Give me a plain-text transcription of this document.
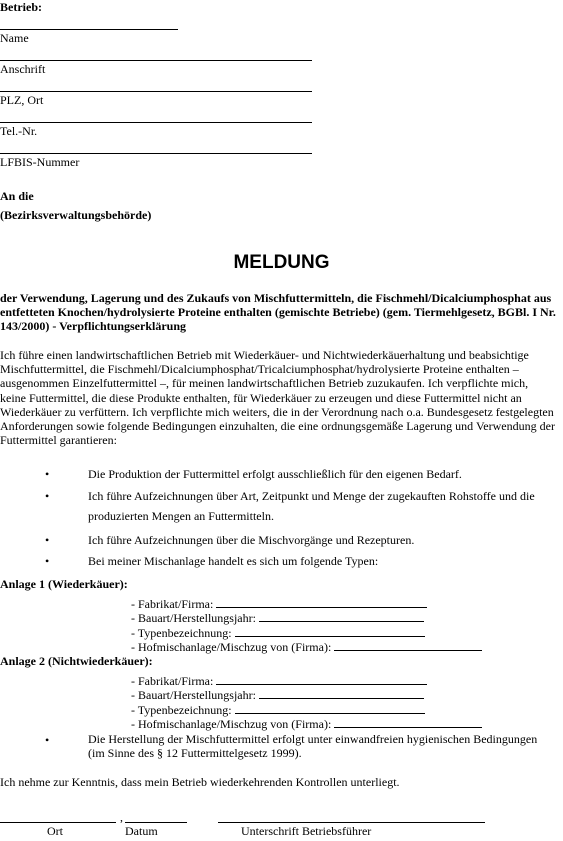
Betrieb:
Name
Anschrift
PLZ, Ort
Tel.-Nr.
LFBIS-Nummer
An die
(Bezirksverwaltungsbehörde)
MELDUNG
der Verwendung, Lagerung und des Zukaufs von Mischfuttermitteln, die Fischmehl/Dicalciumphosphat aus entfetteten Knochen/hydrolysierte Proteine enthalten (gemischte Betriebe) (gem. Tiermehlgesetz, BGBl. I Nr. 143/2000) - Verpflichtungserklärung
Ich führe einen landwirtschaftlichen Betrieb mit Wiederkäuer- und Nichtwiederkäuerhaltung und beabsichtige Mischfuttermittel, die Fischmehl/Dicalciumphosphat/Tricalciumphosphat/hydrolysierte Proteine enthalten – ausgenommen Einzelfuttermittel –, für meinen landwirtschaftlichen Betrieb zuzukaufen. Ich verpflichte mich, keine Futtermittel, die diese Produkte enthalten, für Wiederkäuer zu erzeugen und diese Futtermittel nicht an Wiederkäuer zu verfüttern. Ich verpflichte mich weiters, die in der Verordnung nach o.a. Bundesgesetz festgelegten Anforderungen sowie folgende Bedingungen einzuhalten, die eine ordnungsgemäße Lagerung und Verwendung der Futtermittel garantieren:
•	Die Produktion der Futtermittel erfolgt ausschließlich für den eigenen Bedarf.
•	Ich führe Aufzeichnungen über Art, Zeitpunkt und Menge der zugekauften Rohstoffe und die produzierten Mengen an Futtermitteln.
•	Ich führe Aufzeichnungen über die Mischvorgänge und Rezepturen.
•	Bei meiner Mischanlage handelt es sich um folgende Typen:
Anlage 1 (Wiederkäuer):
- Fabrikat/Firma:
- Bauart/Herstellungsjahr:
- Typenbezeichnung:
- Hofmischanlage/Mischzug von (Firma):
Anlage 2 (Nichtwiederkäuer):
- Fabrikat/Firma:
- Bauart/Herstellungsjahr:
- Typenbezeichnung:
- Hofmischanlage/Mischzug von (Firma):
•	Die Herstellung der Mischfuttermittel erfolgt unter einwandfreien hygienischen Bedingungen (im Sinne des § 12 Futtermittelgesetz 1999).
Ich nehme zur Kenntnis, dass mein Betrieb wiederkehrenden Kontrollen unterliegt.
,
Ort	Datum	Unterschrift Betriebsführer
